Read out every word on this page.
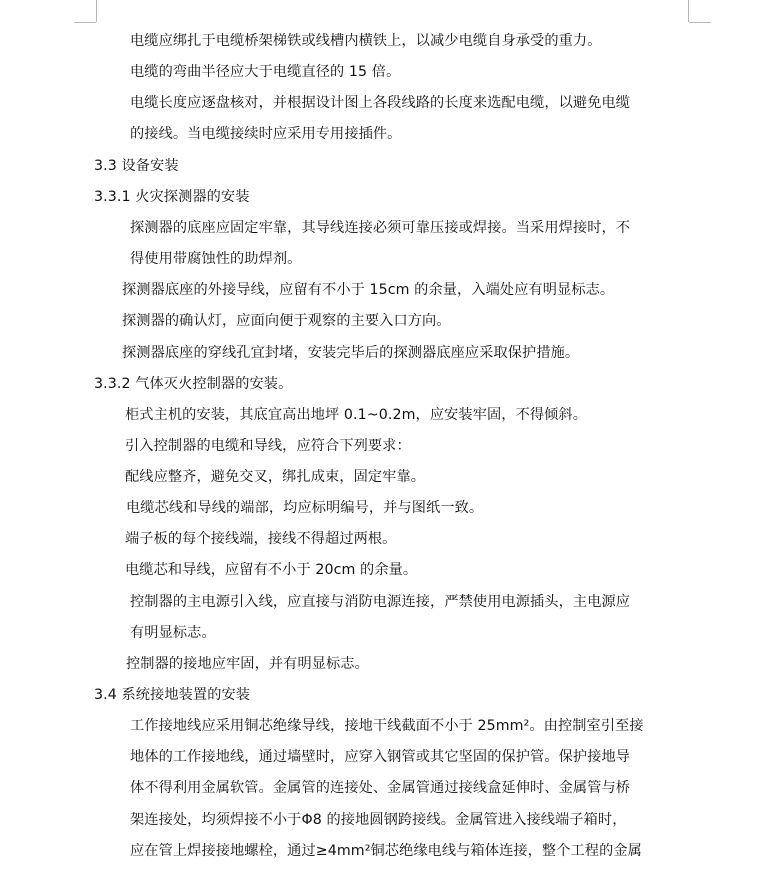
电缆应绑扎于电缆桥架梯铁或线槽内横铁上，以减少电缆自身承受的重力。
电缆的弯曲半径应大于电缆直径的 15 倍。
电缆长度应逐盘核对，并根据设计图上各段线路的长度来选配电缆，以避免电缆
的接线。当电缆接续时应采用专用接插件。
3.3 设备安装
3.3.1 火灾探测器的安装
探测器的底座应固定牢靠，其导线连接必须可靠压接或焊接。当采用焊接时，不
得使用带腐蚀性的助焊剂。
探测器底座的外接导线，应留有不小于 15cm 的余量，入端处应有明显标志。
探测器的确认灯，应面向便于观察的主要入口方向。
探测器底座的穿线孔宜封堵，安装完毕后的探测器底座应采取保护措施。
3.3.2 气体灭火控制器的安装。
柜式主机的安装，其底宜高出地坪 0.1~0.2m，应安装牢固，不得倾斜。
引入控制器的电缆和导线，应符合下列要求：
配线应整齐，避免交叉，绑扎成束，固定牢靠。
电缆芯线和导线的端部，均应标明编号，并与图纸一致。
端子板的每个接线端，接线不得超过两根。
电缆芯和导线，应留有不小于 20cm 的余量。
控制器的主电源引入线，应直接与消防电源连接，严禁使用电源插头，主电源应
有明显标志。
控制器的接地应牢固，并有明显标志。
3.4 系统接地装置的安装
工作接地线应采用铜芯绝缘导线，接地干线截面不小于 25mm²。由控制室引至接
地体的工作接地线，通过墙壁时，应穿入钢管或其它坚固的保护管。保护接地导
体不得利用金属软管。金属管的连接处、金属管通过接线盒延伸时、金属管与桥
架连接处，均须焊接不小于Φ8 的接地圆钢跨接线。金属管进入接线端子箱时，
应在管上焊接接地螺栓，通过≥4mm²铜芯绝缘电线与箱体连接，整个工程的金属
